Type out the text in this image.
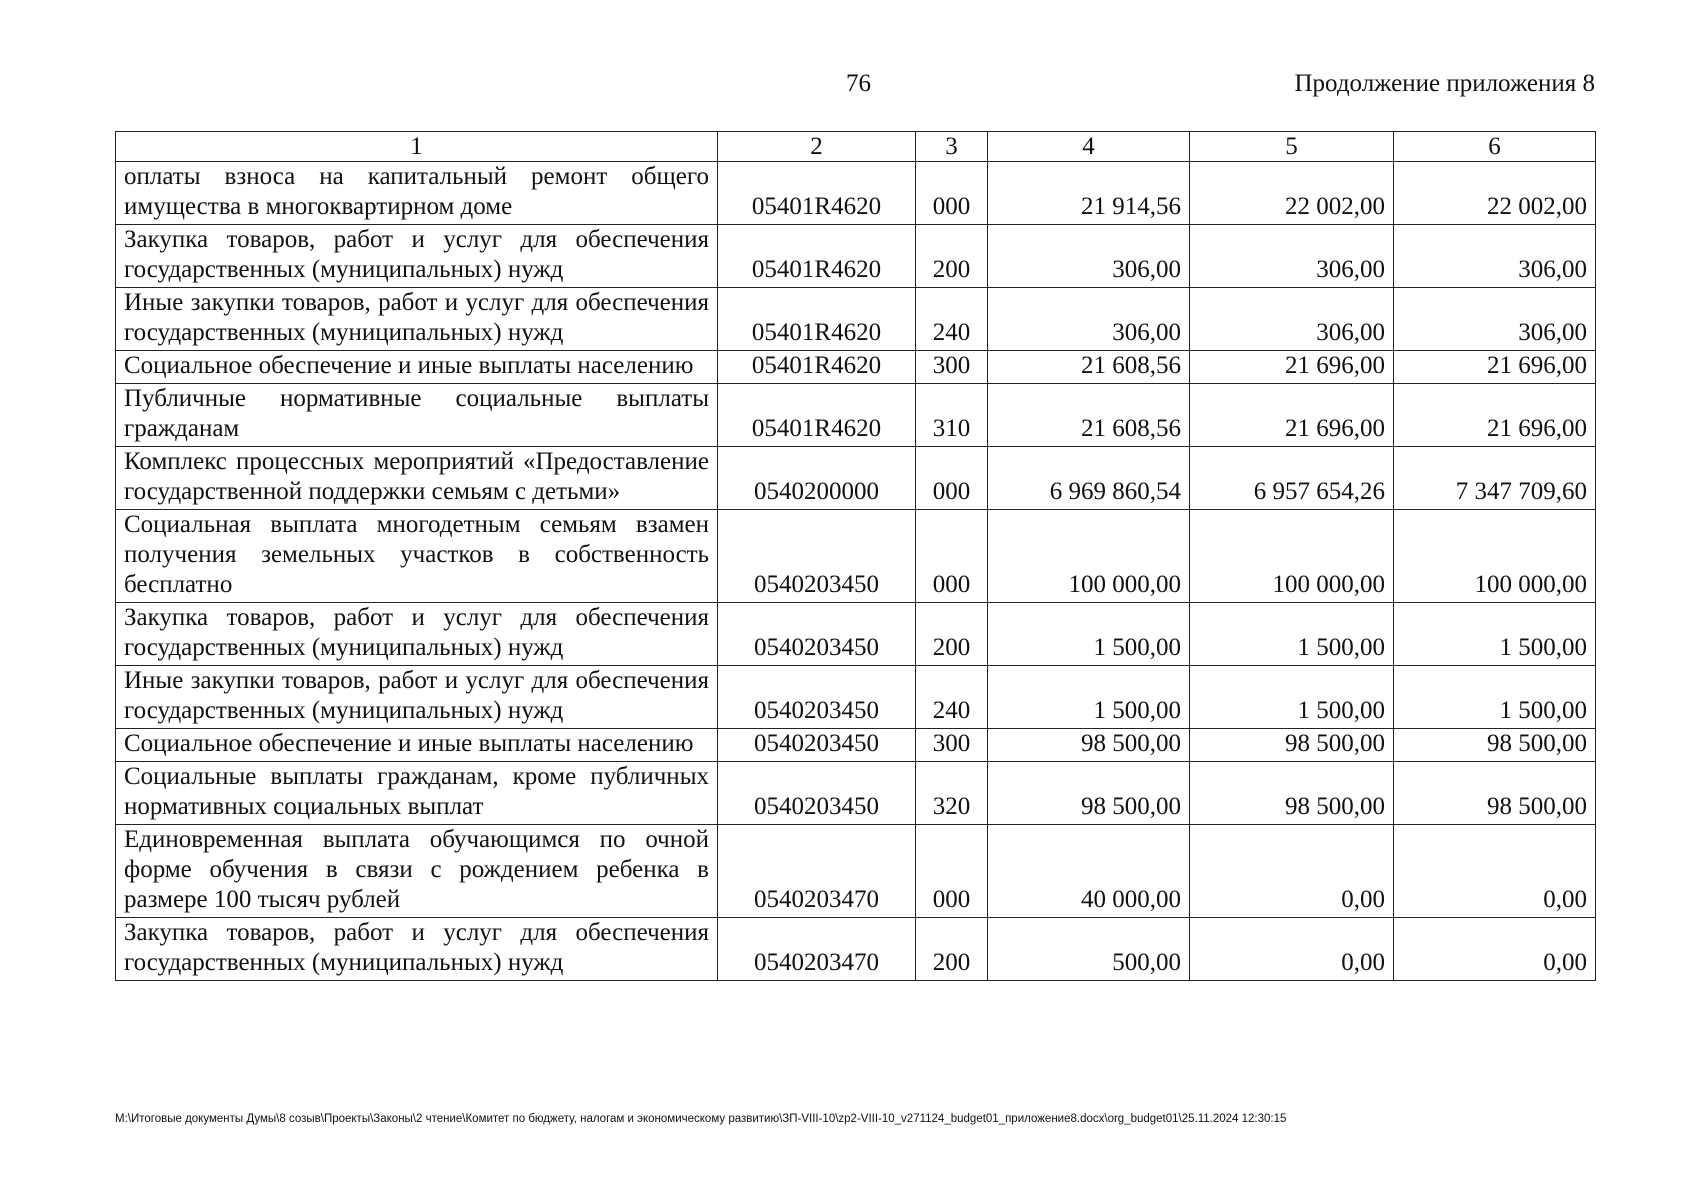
76	Продолжение приложения 8
1	2	3	4	5	6
оплаты взноса на капитальный ремонт общего имущества в многоквартирном доме	05401R4620	000	21 914,56	22 002,00	22 002,00
Закупка товаров, работ и услуг для обеспечения государственных (муниципальных) нужд	05401R4620	200	306,00	306,00	306,00
Иные закупки товаров, работ и услуг для обеспечения государственных (муниципальных) нужд	05401R4620	240	306,00	306,00	306,00
Социальное обеспечение и иные выплаты населению	05401R4620	300	21 608,56	21 696,00	21 696,00
Публичные нормативные социальные выплаты гражданам	05401R4620	310	21 608,56	21 696,00	21 696,00
Комплекс процессных мероприятий «Предоставление государственной поддержки семьям с детьми»	0540200000	000	6 969 860,54	6 957 654,26	7 347 709,60
Социальная выплата многодетным семьям взамен получения земельных участков в собственность бесплатно	0540203450	000	100 000,00	100 000,00	100 000,00
Закупка товаров, работ и услуг для обеспечения государственных (муниципальных) нужд	0540203450	200	1 500,00	1 500,00	1 500,00
Иные закупки товаров, работ и услуг для обеспечения государственных (муниципальных) нужд	0540203450	240	1 500,00	1 500,00	1 500,00
Социальное обеспечение и иные выплаты населению	0540203450	300	98 500,00	98 500,00	98 500,00
Социальные выплаты гражданам, кроме публичных нормативных социальных выплат	0540203450	320	98 500,00	98 500,00	98 500,00
Единовременная выплата обучающимся по очной форме обучения в связи с рождением ребенка в размере 100 тысяч рублей	0540203470	000	40 000,00	0,00	0,00
Закупка товаров, работ и услуг для обеспечения государственных (муниципальных) нужд	0540203470	200	500,00	0,00	0,00
M:\Итоговые документы Думы\8 созыв\Проекты\Законы\2 чтение\Комитет по бюджету, налогам и экономическому развитию\ЗП-VIII-10\zp2-VIII-10_v271124_budget01_приложение8.docx\org_budget01\25.11.2024 12:30:15
